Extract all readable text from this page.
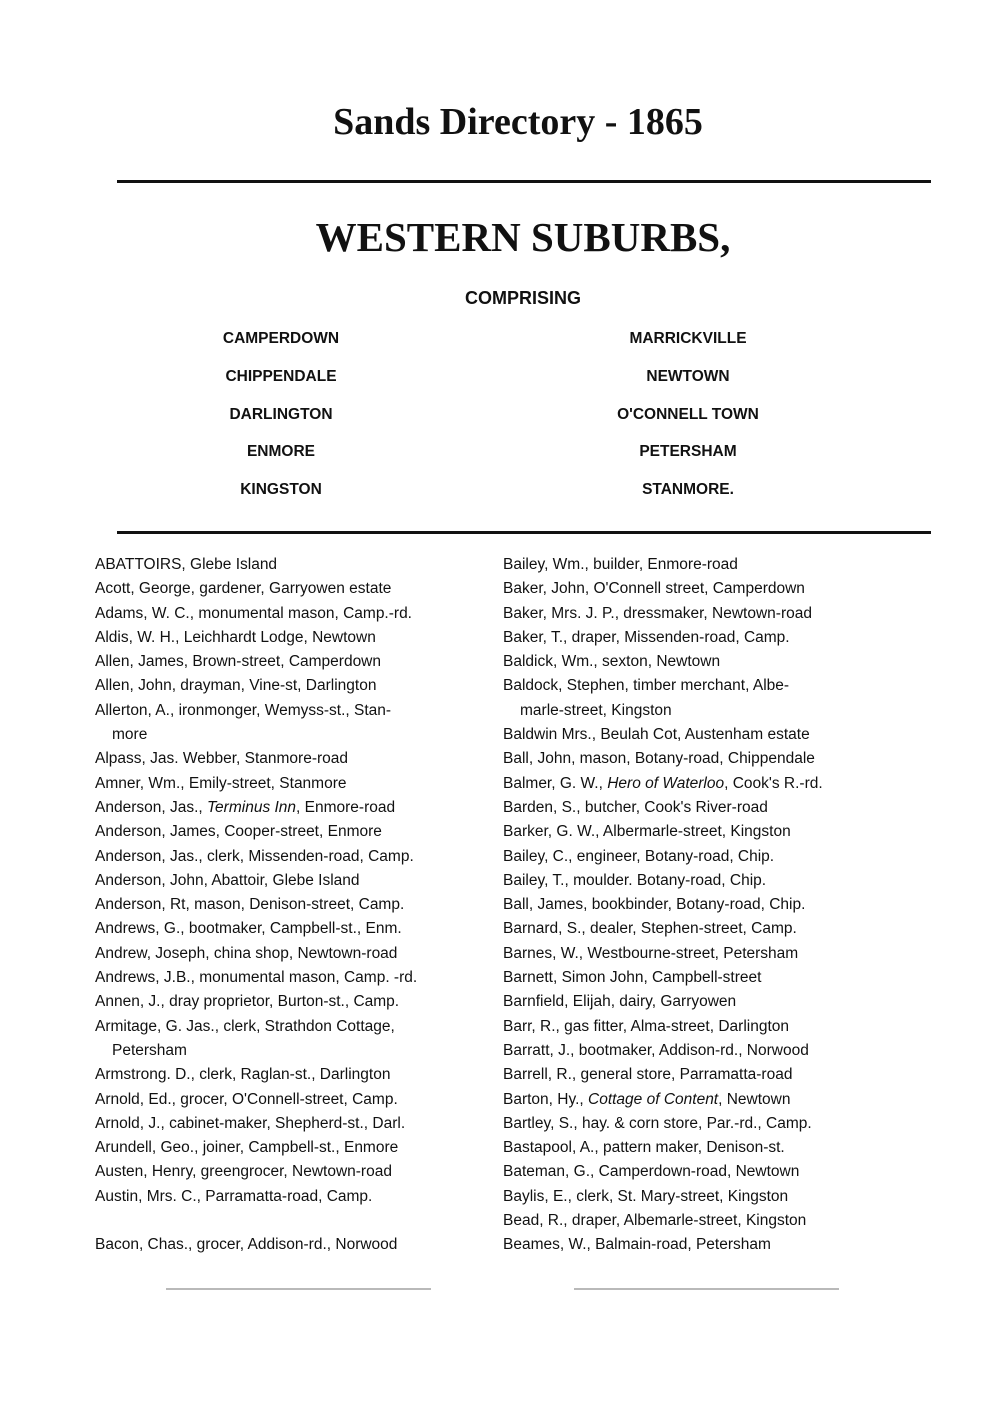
Sands Directory - 1865
WESTERN SUBURBS,
COMPRISING
CAMPERDOWN
CHIPPENDALE
DARLINGTON
ENMORE
KINGSTON
MARRICKVILLE
NEWTOWN
O'CONNELL TOWN
PETERSHAM
STANMORE.
ABATTOIRS, Glebe Island
Acott, George, gardener, Garryowen estate
Adams, W. C., monumental mason, Camp.-rd.
Aldis, W. H., Leichhardt Lodge, Newtown
Allen, James, Brown-street, Camperdown
Allen, John, drayman, Vine-st, Darlington
Allerton, A., ironmonger, Wemyss-st., Stan-
more
Alpass, Jas. Webber, Stanmore-road
Amner, Wm., Emily-street, Stanmore
Anderson, Jas., Terminus Inn, Enmore-road
Anderson, James, Cooper-street, Enmore
Anderson, Jas., clerk, Missenden-road, Camp.
Anderson, John, Abattoir, Glebe Island
Anderson, Rt, mason, Denison-street, Camp.
Andrews, G., bootmaker, Campbell-st., Enm.
Andrew, Joseph, china shop, Newtown-road
Andrews, J.B., monumental mason, Camp. -rd.
Annen, J., dray proprietor, Burton-st., Camp.
Armitage, G. Jas., clerk, Strathdon Cottage,
Petersham
Armstrong. D., clerk, Raglan-st., Darlington
Arnold, Ed., grocer, O'Connell-street, Camp.
Arnold, J., cabinet-maker, Shepherd-st., Darl.
Arundell, Geo., joiner, Campbell-st., Enmore
Austen, Henry, greengrocer, Newtown-road
Austin, Mrs. C., Parramatta-road, Camp.
Bacon, Chas., grocer, Addison-rd., Norwood
Bailey, Wm., builder, Enmore-road
Baker, John, O'Connell street, Camperdown
Baker, Mrs. J. P., dressmaker, Newtown-road
Baker, T., draper, Missenden-road, Camp.
Baldick, Wm., sexton, Newtown
Baldock, Stephen, timber merchant, Albe-
marle-street, Kingston
Baldwin Mrs., Beulah Cot, Austenham estate
Ball, John, mason, Botany-road, Chippendale
Balmer, G. W., Hero of Waterloo, Cook's R.-rd.
Barden, S., butcher, Cook's River-road
Barker, G. W., Albermarle-street, Kingston
Bailey, C., engineer, Botany-road, Chip.
Bailey, T., moulder. Botany-road, Chip.
Ball, James, bookbinder, Botany-road, Chip.
Barnard, S., dealer, Stephen-street, Camp.
Barnes, W., Westbourne-street, Petersham
Barnett, Simon John, Campbell-street
Barnfield, Elijah, dairy, Garryowen
Barr, R., gas fitter, Alma-street, Darlington
Barratt, J., bootmaker, Addison-rd., Norwood
Barrell, R., general store, Parramatta-road
Barton, Hy., Cottage of Content, Newtown
Bartley, S., hay. & corn store, Par.-rd., Camp.
Bastapool, A., pattern maker, Denison-st.
Bateman, G., Camperdown-road, Newtown
Baylis, E., clerk, St. Mary-street, Kingston
Bead, R., draper, Albemarle-street, Kingston
Beames, W., Balmain-road, Petersham
